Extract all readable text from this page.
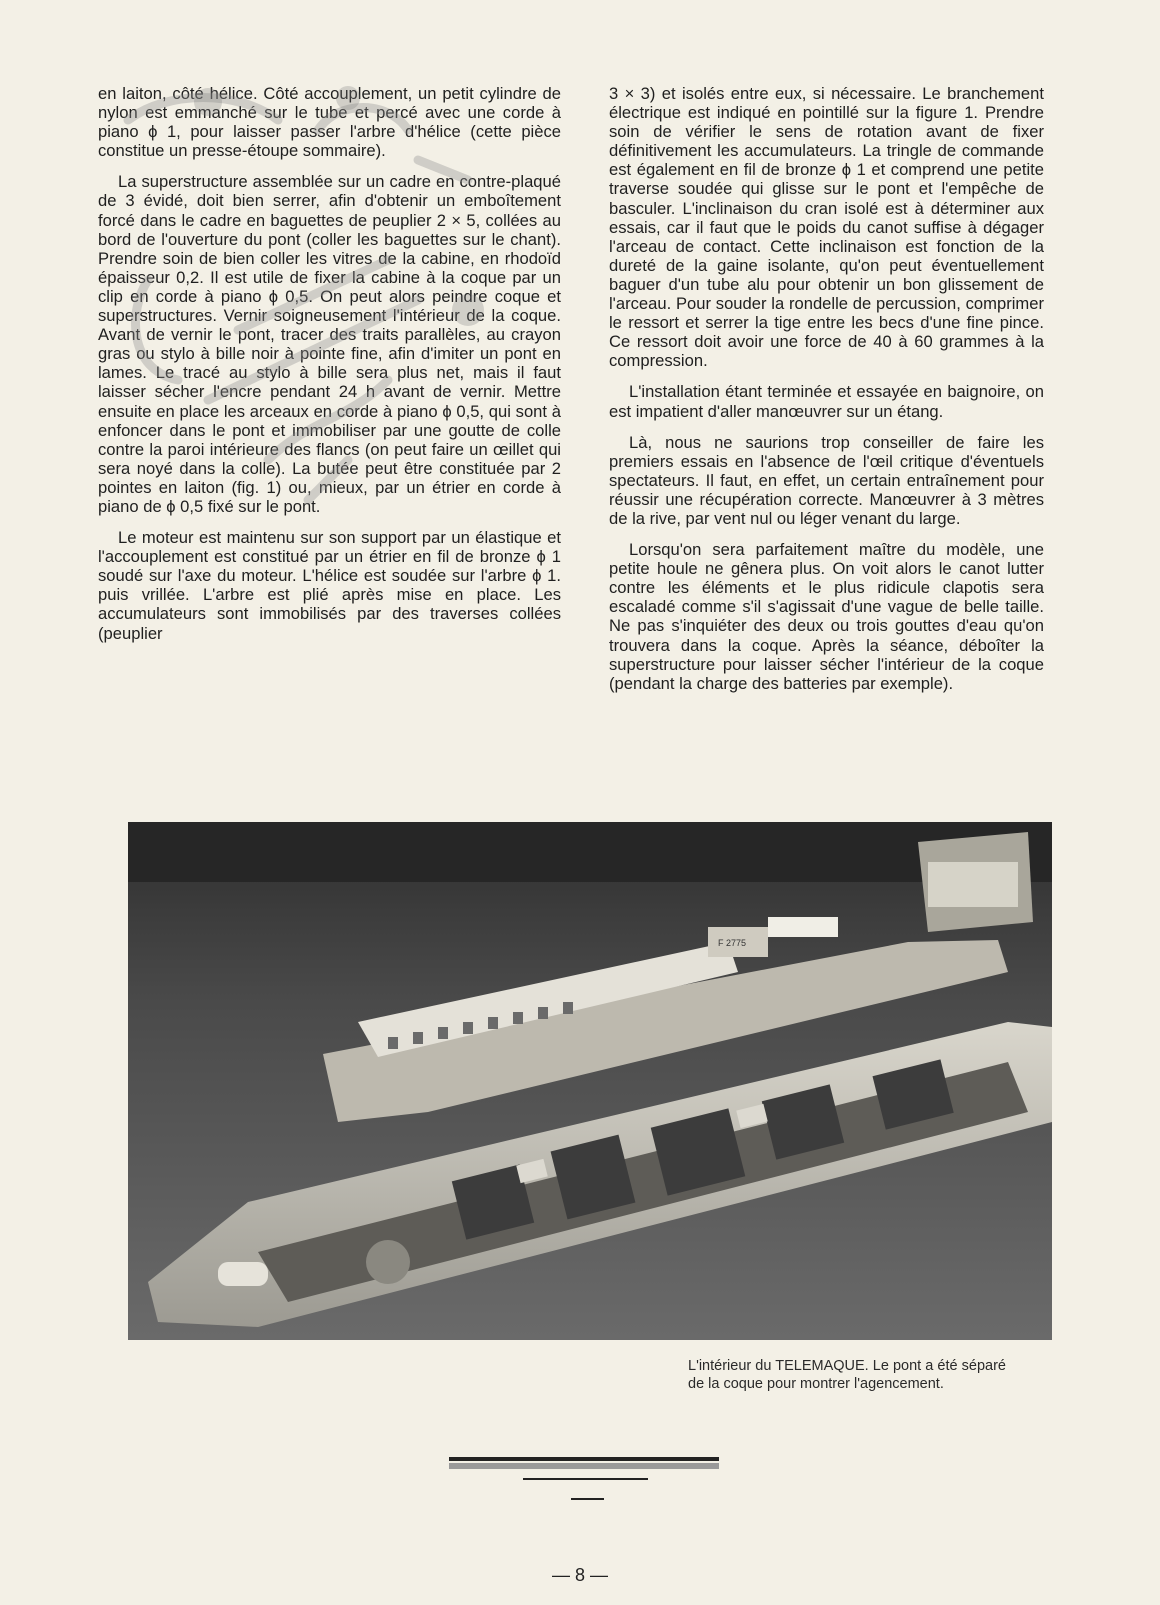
en laiton, côté hélice. Côté accouplement, un petit cylindre de nylon est emmanché sur le tube et percé avec une corde à piano ϕ 1, pour laisser passer l'arbre d'hélice (cette pièce constitue un presse-étoupe sommaire).

La superstructure assemblée sur un cadre en contre-plaqué de 3 évidé, doit bien serrer, afin d'obtenir un emboîtement forcé dans le cadre en baguettes de peuplier 2 × 5, collées au bord de l'ouverture du pont (coller les baguettes sur le chant). Prendre soin de bien coller les vitres de la cabine, en rhodoïd épaisseur 0,2. Il est utile de fixer la cabine à la coque par un clip en corde à piano ϕ 0,5. On peut alors peindre coque et superstructures. Vernir soigneusement l'intérieur de la coque. Avant de vernir le pont, tracer des traits parallèles, au crayon gras ou stylo à bille noir à pointe fine, afin d'imiter un pont en lames. Le tracé au stylo à bille sera plus net, mais il faut laisser sécher l'encre pendant 24 h avant de vernir. Mettre ensuite en place les arceaux en corde à piano ϕ 0,5, qui sont à enfoncer dans le pont et immobiliser par une goutte de colle contre la paroi intérieure des flancs (on peut faire un œillet qui sera noyé dans la colle). La butée peut être constituée par 2 pointes en laiton (fig. 1) ou, mieux, par un étrier en corde à piano de ϕ 0,5 fixé sur le pont.

Le moteur est maintenu sur son support par un élastique et l'accouplement est constitué par un étrier en fil de bronze ϕ 1 soudé sur l'axe du moteur. L'hélice est soudée sur l'arbre ϕ 1. puis vrillée. L'arbre est plié après mise en place. Les accumulateurs sont immobilisés par des traverses collées (peuplier

3 × 3) et isolés entre eux, si nécessaire. Le branchement électrique est indiqué en pointillé sur la figure 1. Prendre soin de vérifier le sens de rotation avant de fixer définitivement les accumulateurs. La tringle de commande est également en fil de bronze ϕ 1 et comprend une petite traverse soudée qui glisse sur le pont et l'empêche de basculer. L'inclinaison du cran isolé est à déterminer aux essais, car il faut que le poids du canot suffise à dégager l'arceau de contact. Cette inclinaison est fonction de la dureté de la gaine isolante, qu'on peut éventuellement baguer d'un tube alu pour obtenir un bon glissement de l'arceau. Pour souder la rondelle de percussion, comprimer le ressort et serrer la tige entre les becs d'une fine pince. Ce ressort doit avoir une force de 40 à 60 grammes à la compression.

L'installation étant terminée et essayée en baignoire, on est impatient d'aller manœuvrer sur un étang.

Là, nous ne saurions trop conseiller de faire les premiers essais en l'absence de l'œil critique d'éventuels spectateurs. Il faut, en effet, un certain entraînement pour réussir une récupération correcte. Manœuvrer à 3 mètres de la rive, par vent nul ou léger venant du large.

Lorsqu'on sera parfaitement maître du modèle, une petite houle ne gênera plus. On voit alors le canot lutter contre les éléments et le plus ridicule clapotis sera escaladé comme s'il s'agissait d'une vague de belle taille. Ne pas s'inquiéter des deux ou trois gouttes d'eau qu'on trouvera dans la coque. Après la séance, déboîter la superstructure pour laisser sécher l'intérieur de la coque (pendant la charge des batteries par exemple).

F 2775

L'intérieur du TELEMAQUE. Le pont a été séparé de la coque pour montrer l'agencement.

— 8 —
